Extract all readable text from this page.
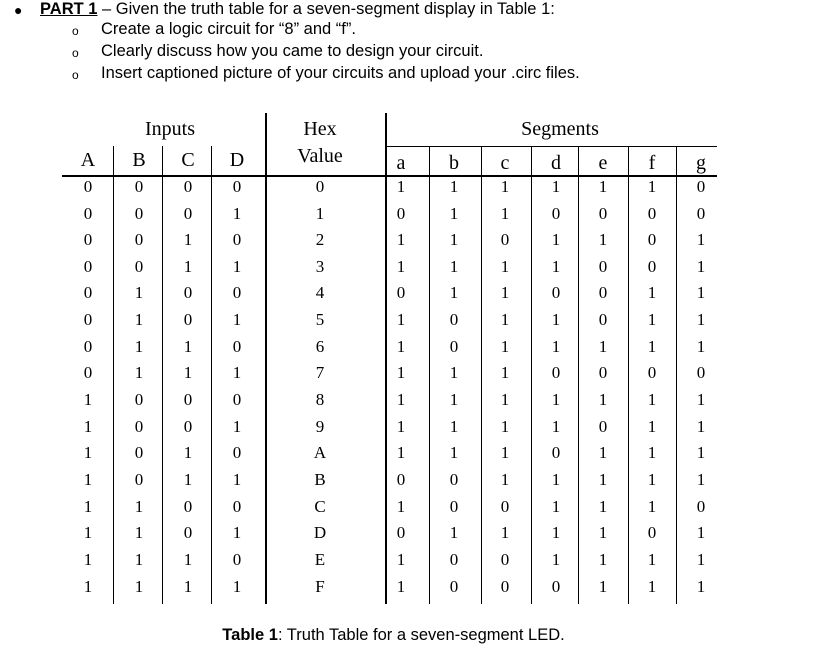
● PART 1 – Given the truth table for a seven-segment display in Table 1:
o Create a logic circuit for “8” and “f”.
o Clearly discuss how you came to design your circuit.
o Insert captioned picture of your circuits and upload your .circ files.
Inputs	Hex
Value
Segments
A	B	C	D	a	b	c	d	e	f	g
0	0	0	0	0	1	1	1	1	1	1	0
0	0	0	1	1	0	1	1	0	0	0	0
0	0	1	0	2	1	1	0	1	1	0	1
0	0	1	1	3	1	1	1	1	0	0	1
0	1	0	0	4	0	1	1	0	0	1	1
0	1	0	1	5	1	0	1	1	0	1	1
0	1	1	0	6	1	0	1	1	1	1	1
0	1	1	1	7	1	1	1	0	0	0	0
1	0	0	0	8	1	1	1	1	1	1	1
1	0	0	1	9	1	1	1	1	0	1	1
1	0	1	0	A	1	1	1	0	1	1	1
1	0	1	1	B	0	0	1	1	1	1	1
1	1	0	0	C	1	0	0	1	1	1	0
1	1	0	1	D	0	1	1	1	1	0	1
1	1	1	0	E	1	0	0	1	1	1	1
1	1	1	1	F	1	0	0	0	1	1	1
Table 1: Truth Table for a seven-segment LED.
